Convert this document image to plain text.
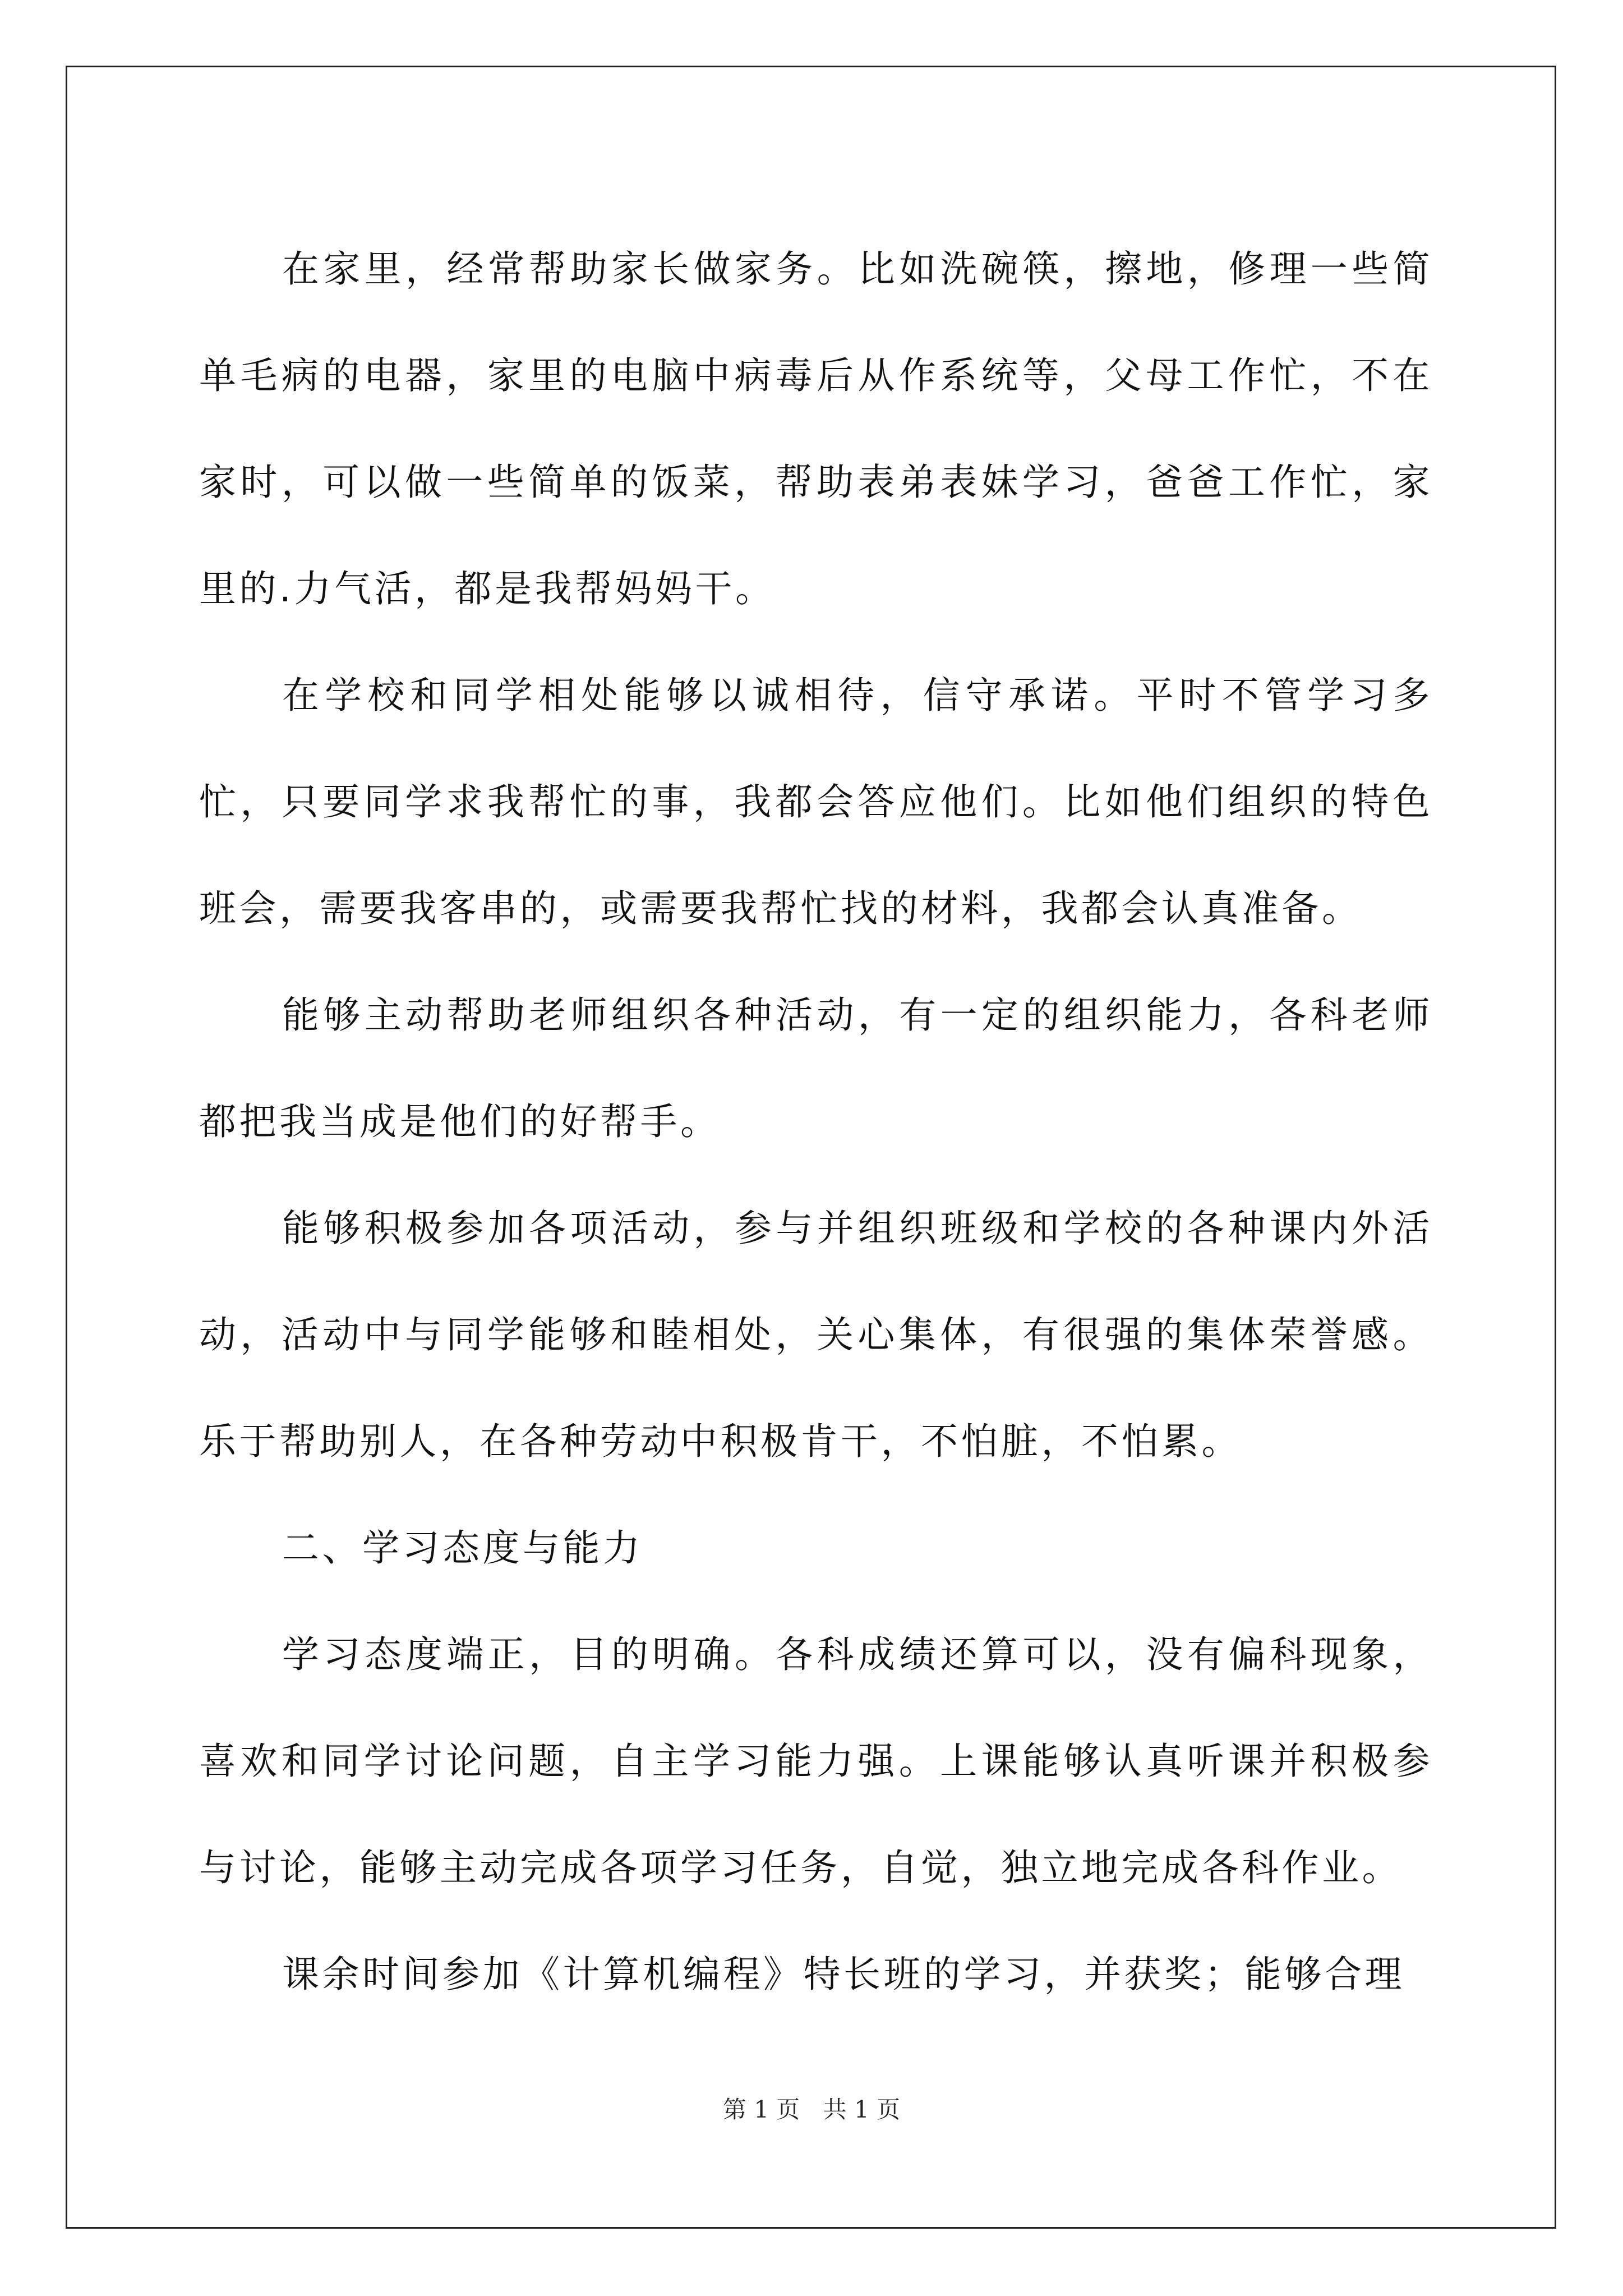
在家里，经常帮助家长做家务。比如洗碗筷，擦地，修理一些简单毛病的电器，家里的电脑中病毒后从作系统等，父母工作忙，不在家时，可以做一些简单的饭菜，帮助表弟表妹学习，爸爸工作忙，家里的.力气活，都是我帮妈妈干。

在学校和同学相处能够以诚相待，信守承诺。平时不管学习多忙，只要同学求我帮忙的事，我都会答应他们。比如他们组织的特色班会，需要我客串的，或需要我帮忙找的材料，我都会认真准备。

能够主动帮助老师组织各种活动，有一定的组织能力，各科老师都把我当成是他们的好帮手。

能够积极参加各项活动，参与并组织班级和学校的各种课内外活动，活动中与同学能够和睦相处，关心集体，有很强的集体荣誉感。乐于帮助别人，在各种劳动中积极肯干，不怕脏，不怕累。

二、学习态度与能力

学习态度端正，目的明确。各科成绩还算可以，没有偏科现象，喜欢和同学讨论问题，自主学习能力强。上课能够认真听课并积极参与讨论，能够主动完成各项学习任务，自觉，独立地完成各科作业。

课余时间参加《计算机编程》特长班的学习，并获奖；能够合理

第 1 页 共 1 页
